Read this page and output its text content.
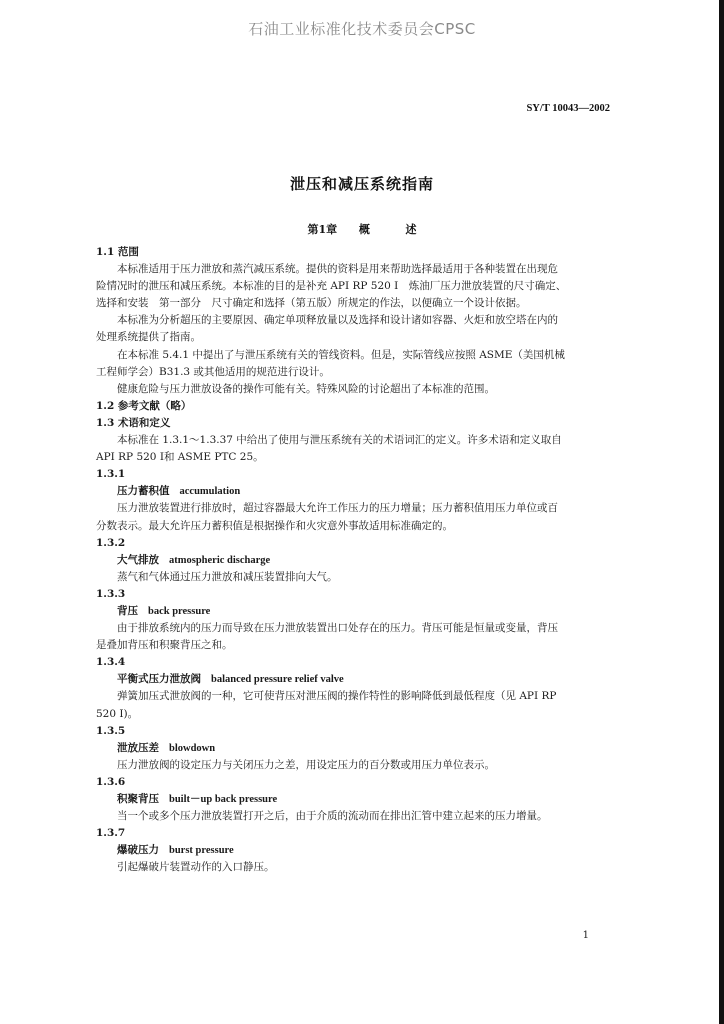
石油工业标准化技术委员会CPSC
SY/T 10043—2002
泄压和减压系统指南
第1章 概	述
1.1 范围
本标准适用于压力泄放和蒸汽减压系统。提供的资料是用来帮助选择最适用于各种装置在出现危
险情况时的泄压和减压系统。本标准的目的是补充 API RP 520 Ⅰ　炼油厂压力泄放装置的尺寸确定、
选择和安装　第一部分　尺寸确定和选择（第五版）所规定的作法，以便确立一个设计依据。
本标准为分析超压的主要原因、确定单项释放量以及选择和设计诸如容器、火炬和放空塔在内的
处理系统提供了指南。
在本标准 5.4.1 中提出了与泄压系统有关的管线资料。但是，实际管线应按照 ASME（美国机械
工程师学会）B31.3 或其他适用的规范进行设计。
健康危险与压力泄放设备的操作可能有关。特殊风险的讨论超出了本标准的范围。
1.2 参考文献（略）
1.3 术语和定义
本标准在 1.3.1～1.3.37 中给出了使用与泄压系统有关的术语词汇的定义。许多术语和定义取自
API RP 520 Ⅰ和 ASME PTC 25。
1.3.1
压力蓄积值 accumulation
压力泄放装置进行排放时，超过容器最大允许工作压力的压力增量；压力蓄积值用压力单位或百
分数表示。最大允许压力蓄积值是根据操作和火灾意外事故适用标准确定的。
1.3.2
大气排放 atmospheric discharge
蒸气和气体通过压力泄放和减压装置排向大气。
1.3.3
背压 back pressure
由于排放系统内的压力而导致在压力泄放装置出口处存在的压力。背压可能是恒量或变量，背压
是叠加背压和积聚背压之和。
1.3.4
平衡式压力泄放阀 balanced pressure relief valve
弹簧加压式泄放阀的一种，它可使背压对泄压阀的操作特性的影响降低到最低程度（见 API RP
520 Ⅰ)。
1.3.5
泄放压差 blowdown
压力泄放阀的设定压力与关闭压力之差，用设定压力的百分数或用压力单位表示。
1.3.6
积聚背压 built－up back pressure
当一个或多个压力泄放装置打开之后，由于介质的流动而在排出汇管中建立起来的压力增量。
1.3.7
爆破压力 burst pressure
引起爆破片装置动作的入口静压。
1
